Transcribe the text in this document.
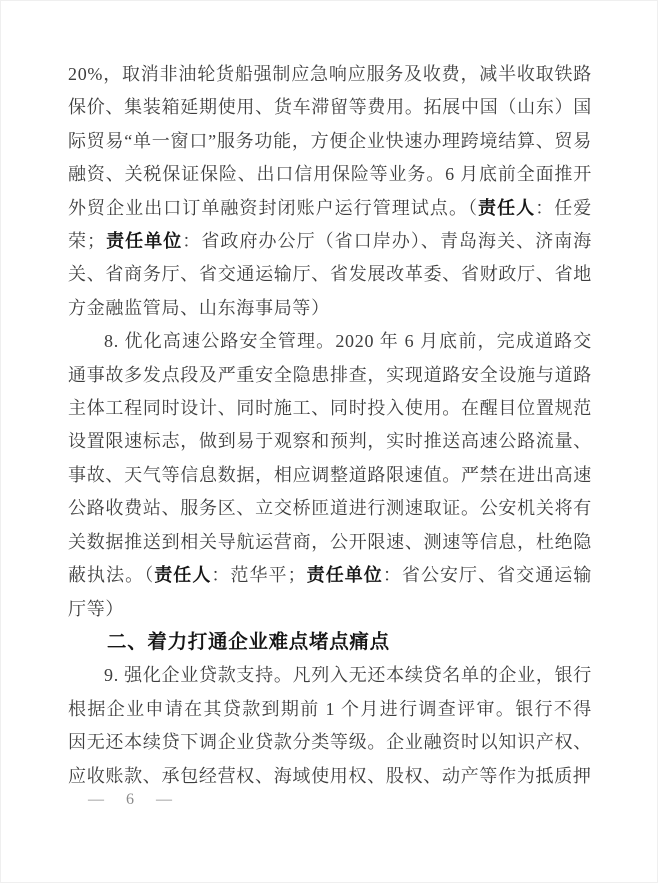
20%，取消非油轮货船强制应急响应服务及收费，减半收取铁路保价、集装箱延期使用、货车滞留等费用。拓展中国（山东）国际贸易“单一窗口”服务功能，方便企业快速办理跨境结算、贸易融资、关税保证保险、出口信用保险等业务。6 月底前全面推开外贸企业出口订单融资封闭账户运行管理试点。（责任人：任爱荣；责任单位：省政府办公厅（省口岸办）、青岛海关、济南海关、省商务厅、省交通运输厅、省发展改革委、省财政厅、省地方金融监管局、山东海事局等）

8. 优化高速公路安全管理。2020 年 6 月底前，完成道路交通事故多发点段及严重安全隐患排查，实现道路安全设施与道路主体工程同时设计、同时施工、同时投入使用。在醒目位置规范设置限速标志，做到易于观察和预判，实时推送高速公路流量、事故、天气等信息数据，相应调整道路限速值。严禁在进出高速公路收费站、服务区、立交桥匝道进行测速取证。公安机关将有关数据推送到相关导航运营商，公开限速、测速等信息，杜绝隐蔽执法。（责任人：范华平；责任单位：省公安厅、省交通运输厅等）

二、着力打通企业难点堵点痛点

9. 强化企业贷款支持。凡列入无还本续贷名单的企业，银行根据企业申请在其贷款到期前 1 个月进行调查评审。银行不得因无还本续贷下调企业贷款分类等级。企业融资时以知识产权、应收账款、承包经营权、海域使用权、股权、动产等作为抵质押

— 6 —
